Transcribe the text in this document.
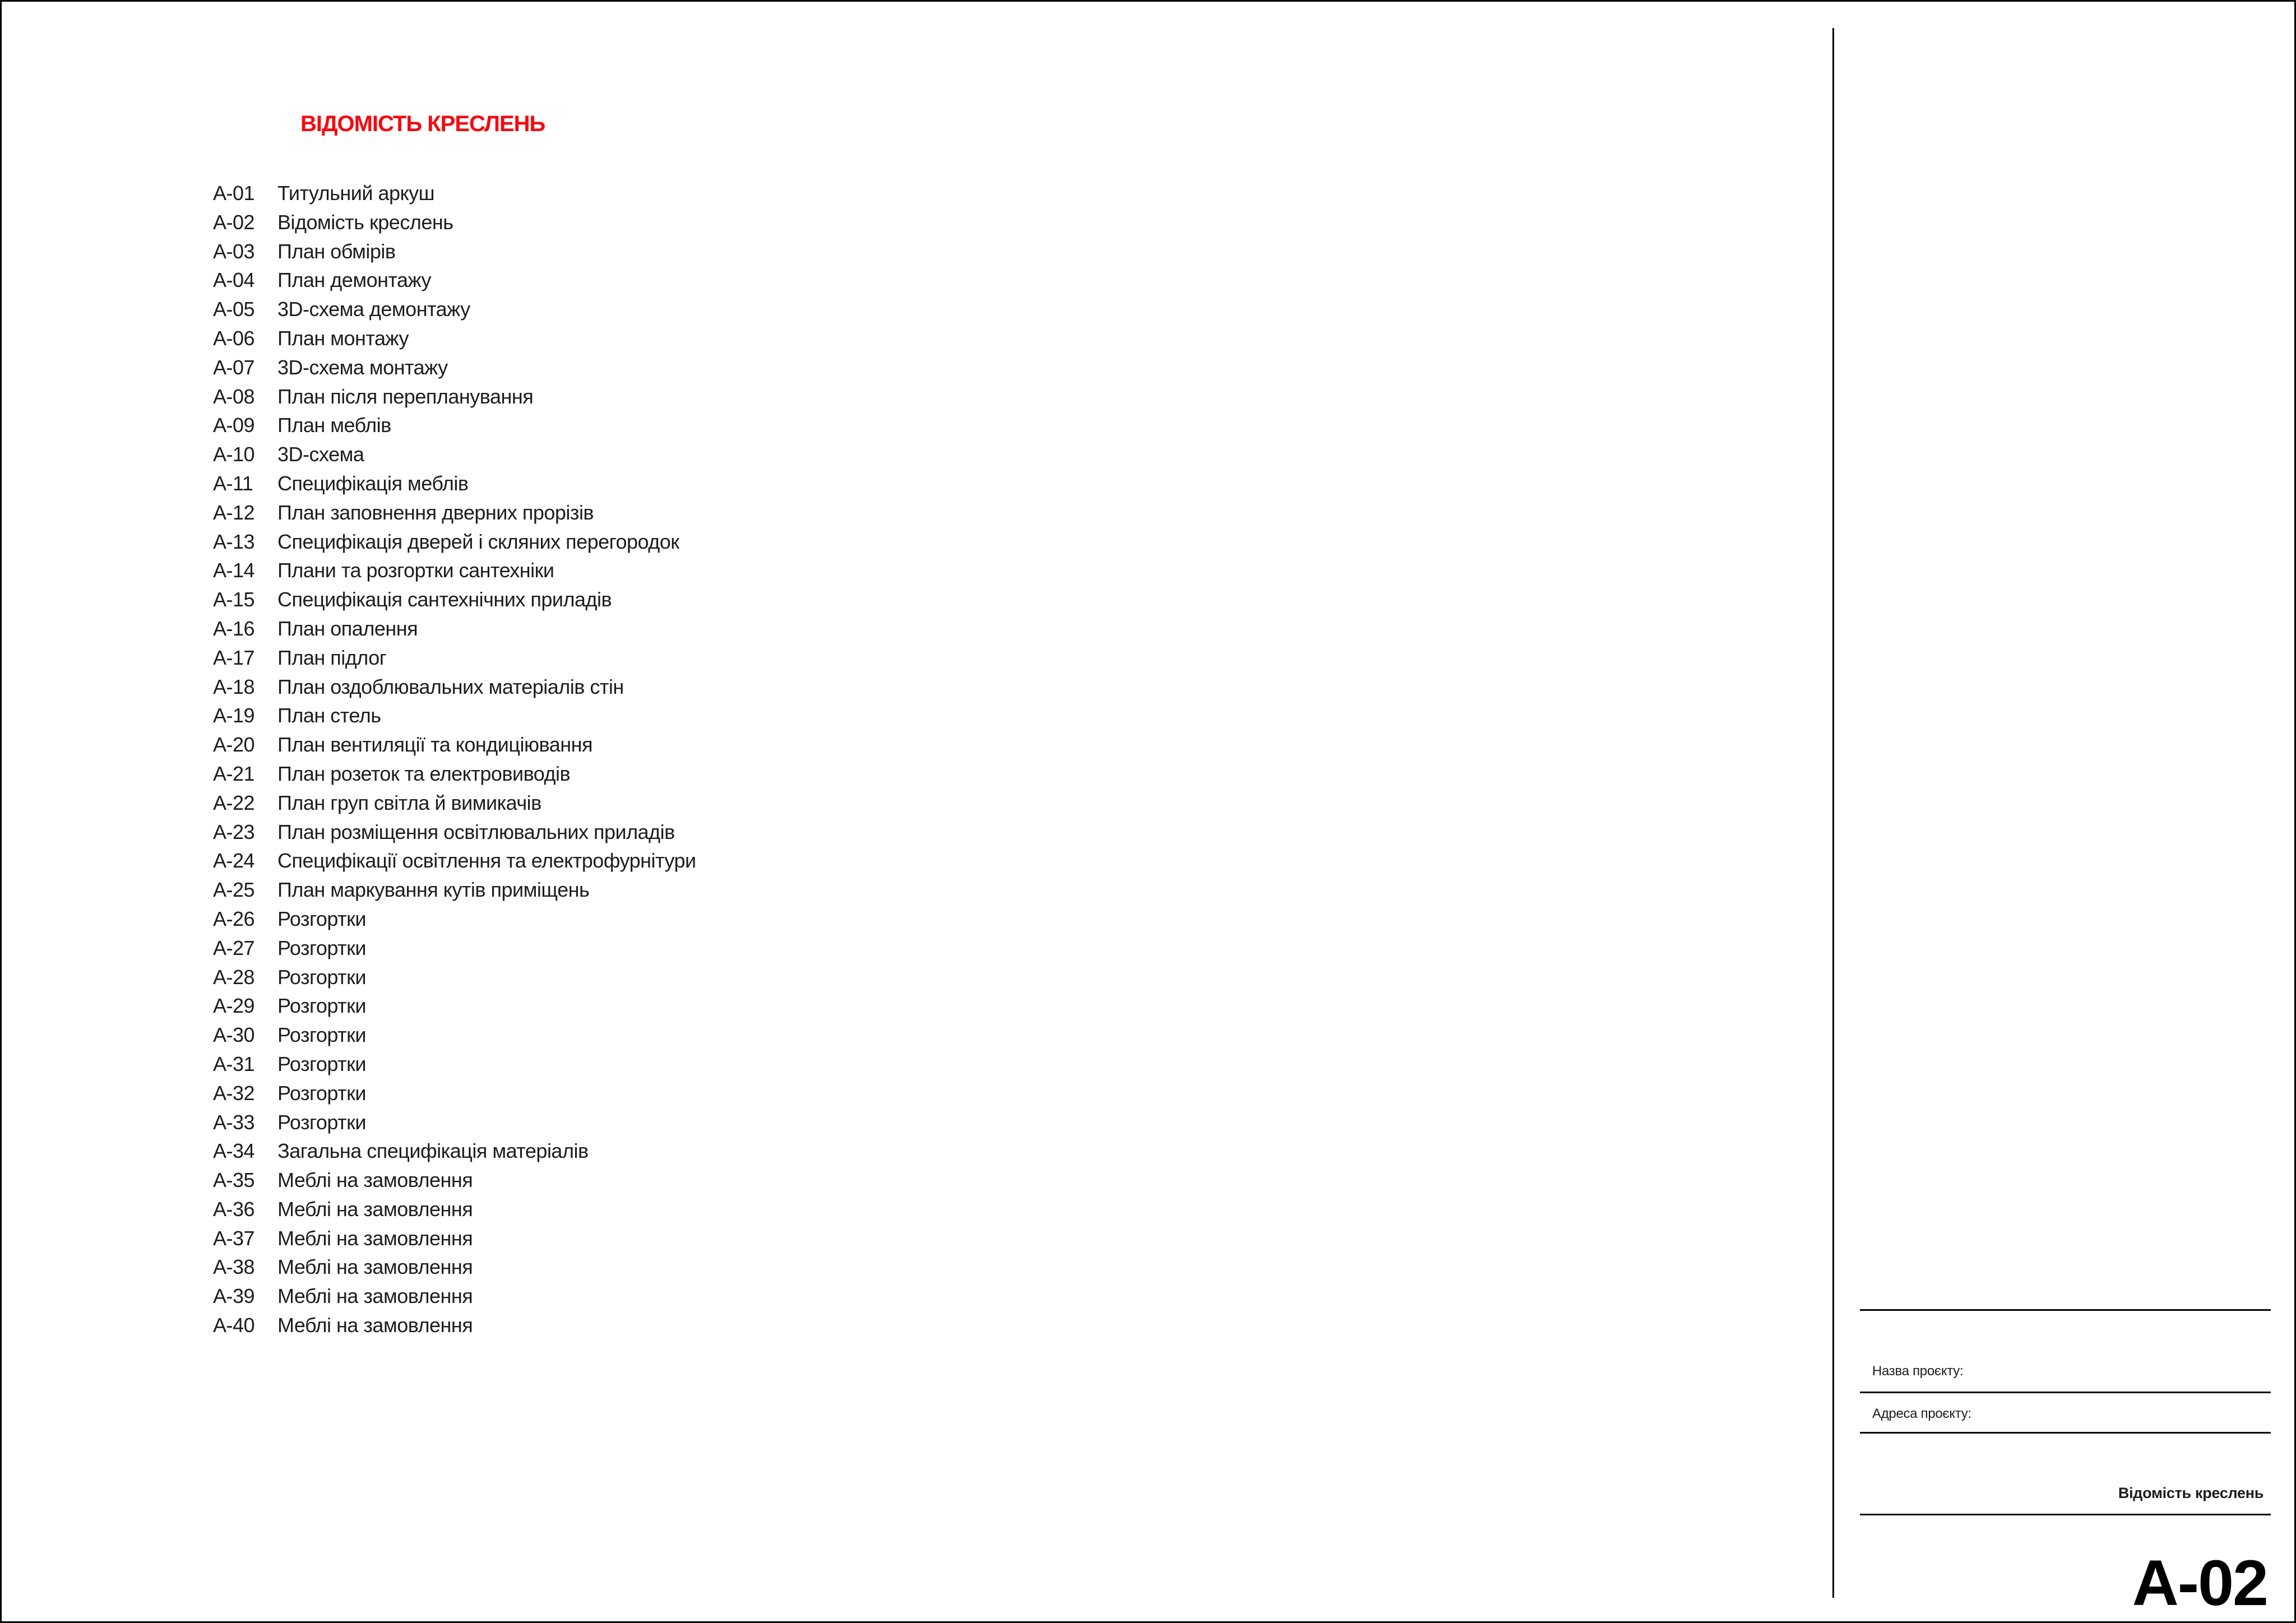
ВІДОМІСТЬ КРЕСЛЕНЬ
A-01 Титульний аркуш
A-02 Відомість креслень
A-03 План обмірів
A-04 План демонтажу
A-05 3D-схема демонтажу
A-06 План монтажу
A-07 3D-схема монтажу
A-08 План після перепланування
A-09 План меблів
A-10 3D-схема
A-11 Специфікація меблів
A-12 План заповнення дверних прорізів
A-13 Специфікація дверей і скляних перегородок
A-14 Плани та розгортки сантехніки
A-15 Специфікація сантехнічних приладів
A-16 План опалення
A-17 План підлог
A-18 План оздоблювальних матеріалів стін
A-19 План стель
A-20 План вентиляції та кондиціювання
A-21 План розеток та електровиводів
A-22 План груп світла й вимикачів
A-23 План розміщення освітлювальних приладів
A-24 Специфікації освітлення та електрофурнітури
A-25 План маркування кутів приміщень
A-26 Розгортки
A-27 Розгортки
A-28 Розгортки
A-29 Розгортки
A-30 Розгортки
A-31 Розгортки
A-32 Розгортки
A-33 Розгортки
A-34 Загальна специфікація матеріалів
A-35 Меблі на замовлення
A-36 Меблі на замовлення
A-37 Меблі на замовлення
A-38 Меблі на замовлення
A-39 Меблі на замовлення
A-40 Меблі на замовлення
Назва проєкту:
Адреса проєкту:
Відомість креслень
A-02
